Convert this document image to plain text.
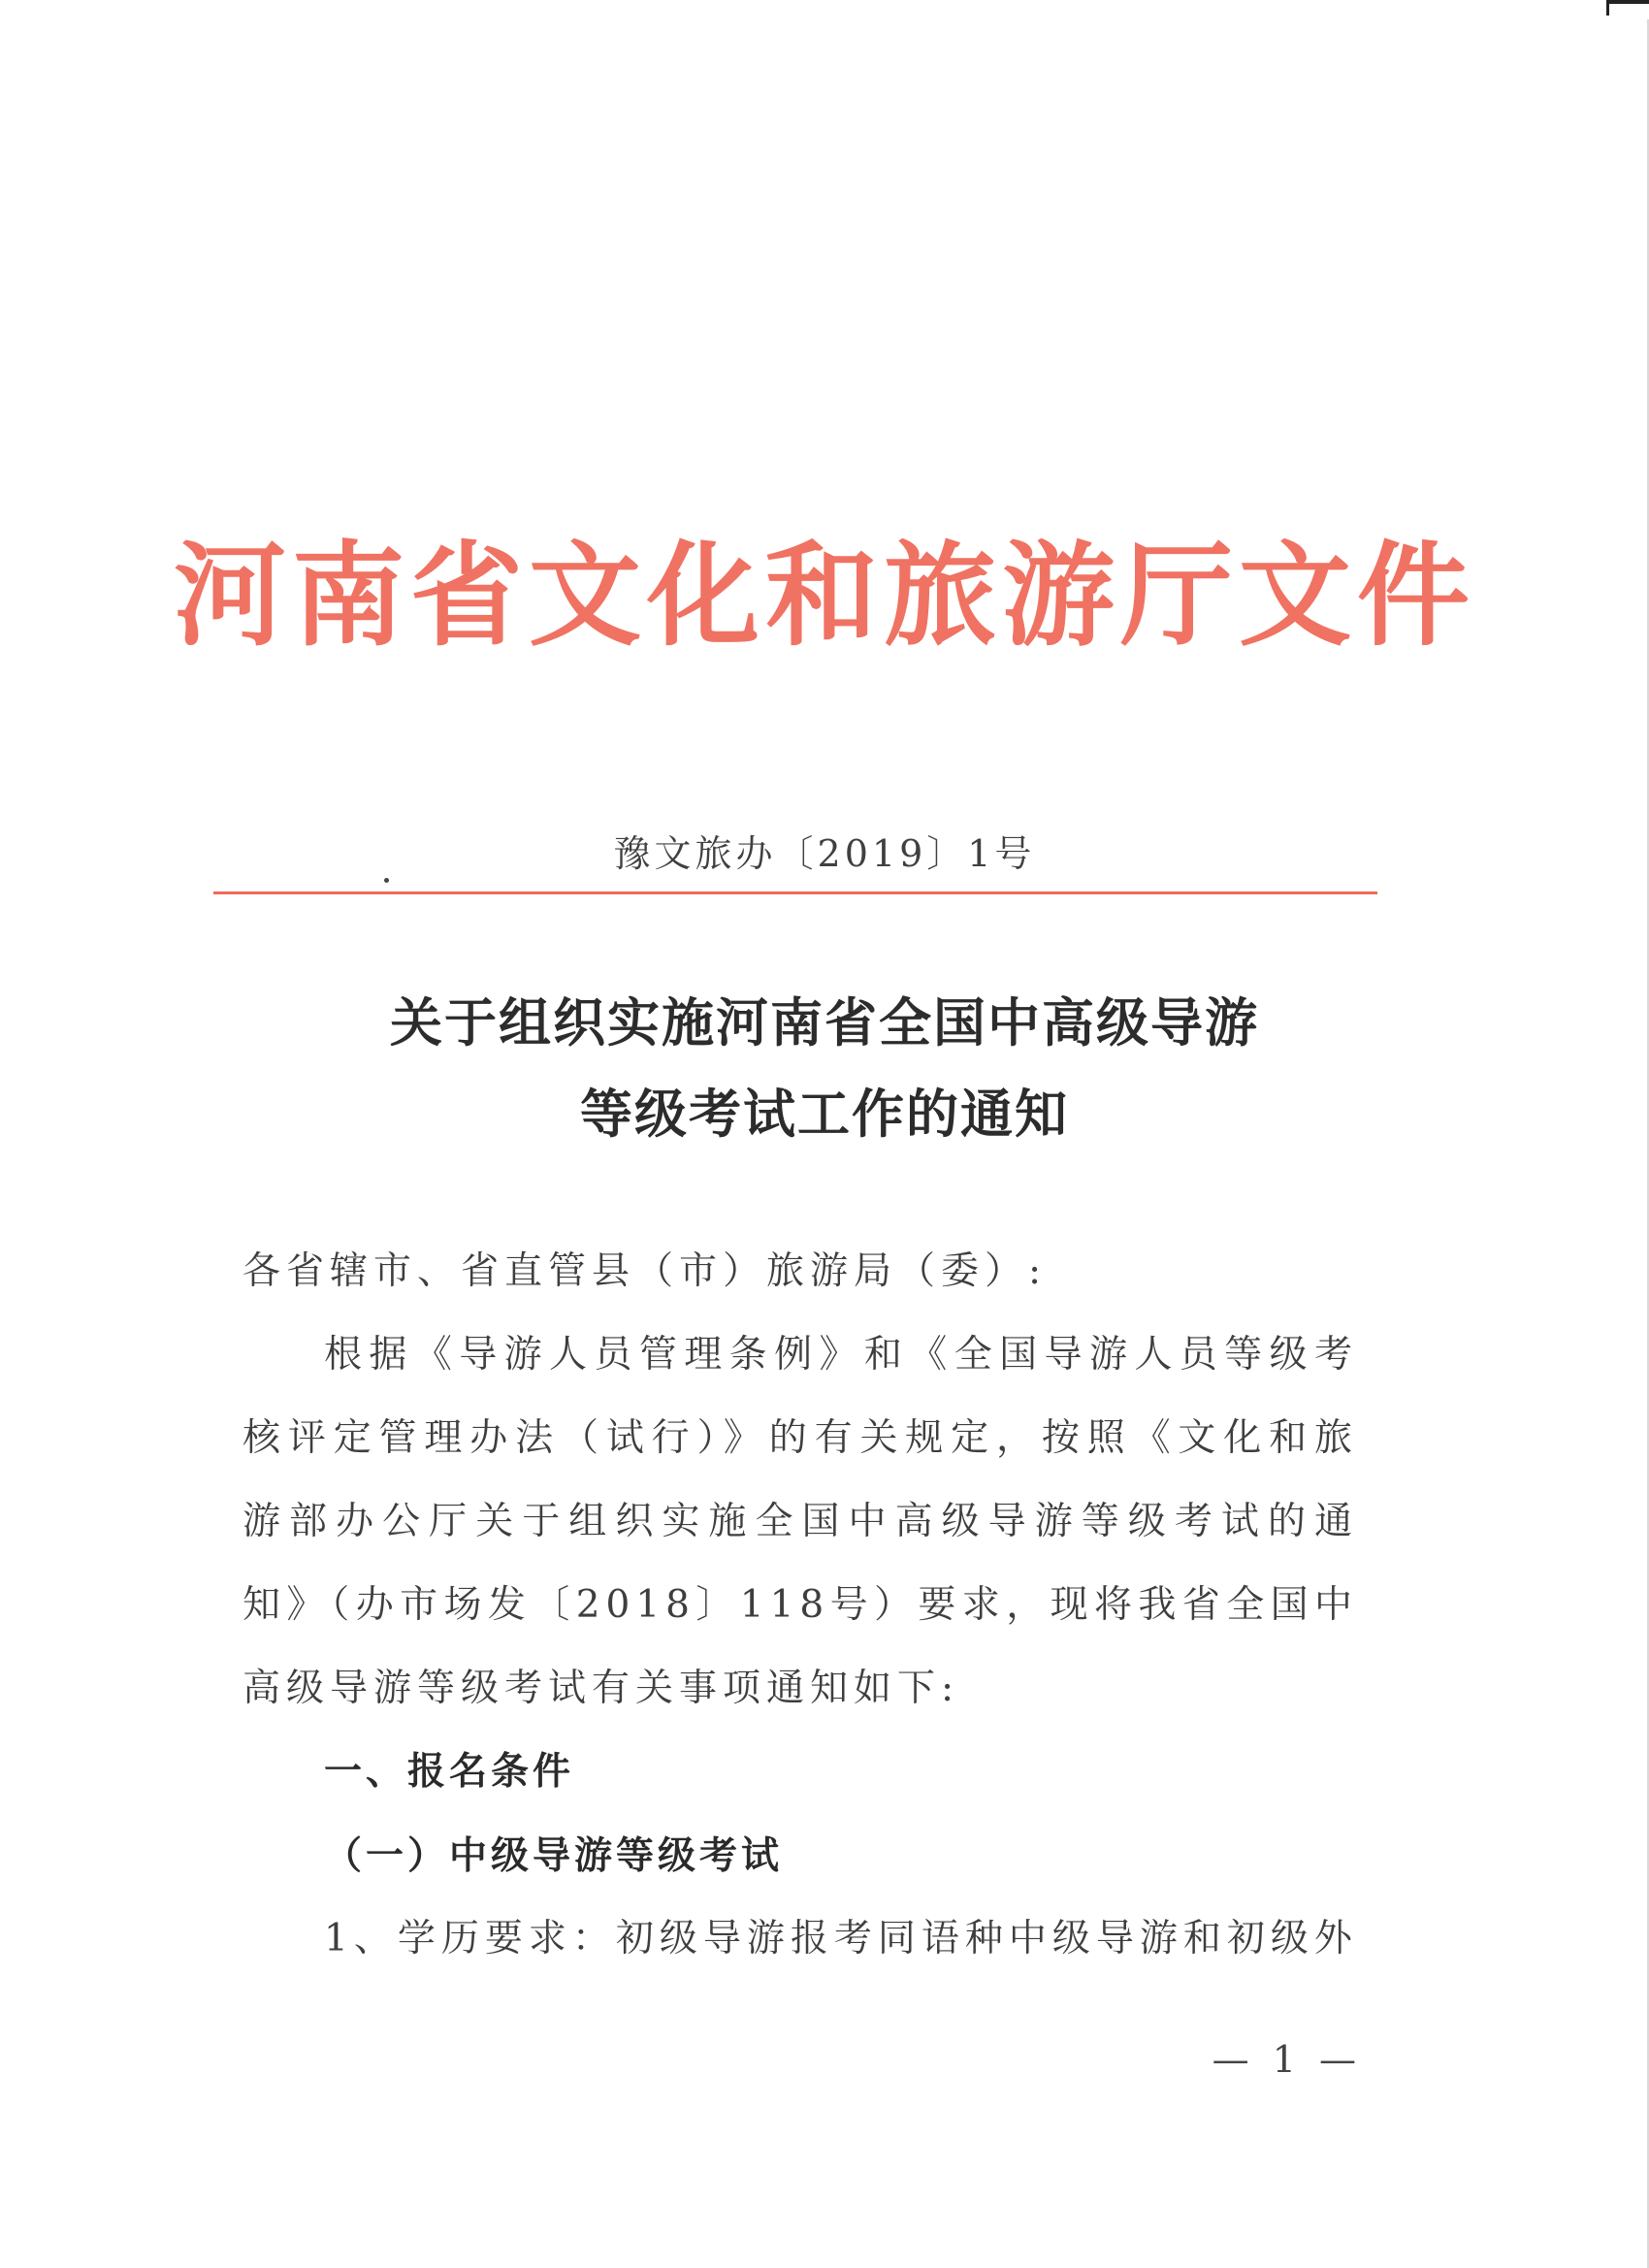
河南省文化和旅游厅文件
豫文旅办〔2019〕1号
关于组织实施河南省全国中高级导游
等级考试工作的通知

各省辖市、省直管县（市）旅游局（委）:

根据《导游人员管理条例》和《全国导游人员等级考核评定管理办法（试行）》的有关规定，按照《文化和旅游部办公厅关于组织实施全国中高级导游等级考试的通知》（办市场发〔2018〕118号）要求，现将我省全国中高级导游等级考试有关事项通知如下:

一、报名条件

（一）中级导游等级考试

1、学历要求：初级导游报考同语种中级导游和初级外

— 1 —
